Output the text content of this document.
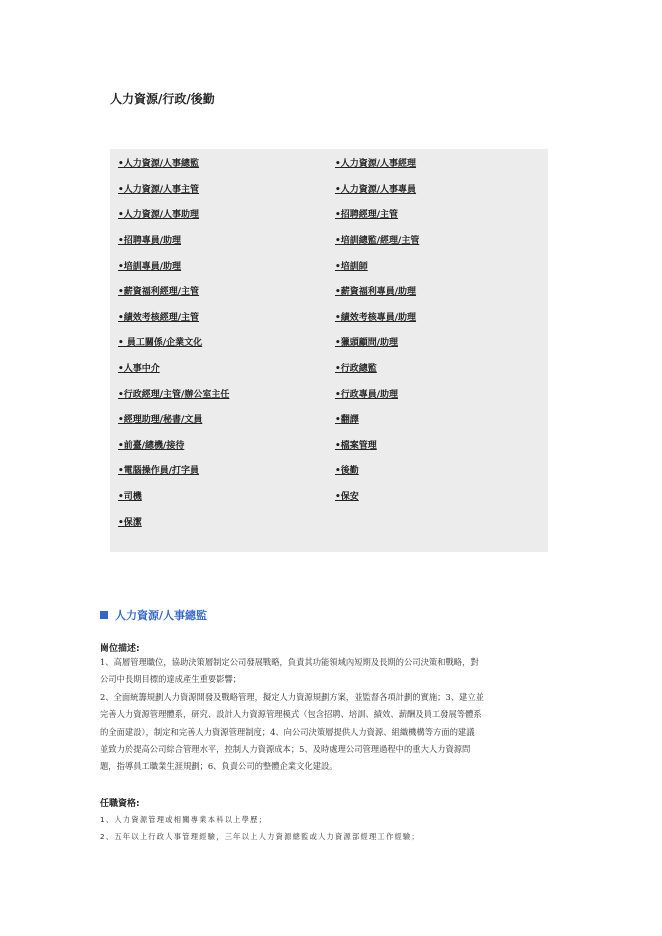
人力資源/行政/後勤
•人力資源/人事總監
•人力資源/人事主管
•人力資源/人事助理
•招聘專員/助理
•培訓專員/助理
•薪資福利經理/主管
•績效考核經理/主管
• 員工關係/企業文化
•人事中介
•行政經理/主管/辦公室主任
•經理助理/秘書/文員
•前臺/總機/接待
•電腦操作員/打字員
•司機
•保潔
•人力資源/人事經理
•人力資源/人事專員
•招聘經理/主管
•培訓總監/經理/主管
•培訓師
•薪資福利專員/助理
•績效考核專員/助理
•獵頭顧問/助理
•行政總監
•行政專員/助理
•翻譯
•檔案管理
•後勤
•保安
人力資源/人事總監
崗位描述:
1、高層管理職位，協助決策層制定公司發展戰略，負責其功能領域內短期及長期的公司決策和戰略，對
公司中長期目標的達成產生重要影響；
2、全面統籌規劃人力資源開發及戰略管理，擬定人力資源規劃方案，並監督各項計劃的實施；3、建立並
完善人力資源管理體系，研究、設計人力資源管理模式（包含招聘、培訓、績效、薪酬及員工發展等體系
的全面建設），制定和完善人力資源管理制度；4、向公司決策層提供人力資源、組織機構等方面的建議
並致力於提高公司綜合管理水平，控制人力資源成本；5、及時處理公司管理過程中的重大人力資源問
題，指導員工職業生涯規劃；6、負責公司的整體企業文化建設。
任職資格:
1、人力資源管理或相關專業本科以上學歷；
2、五年以上行政人事管理經驗，三年以上人力資源總監或人力資源部經理工作經驗；
